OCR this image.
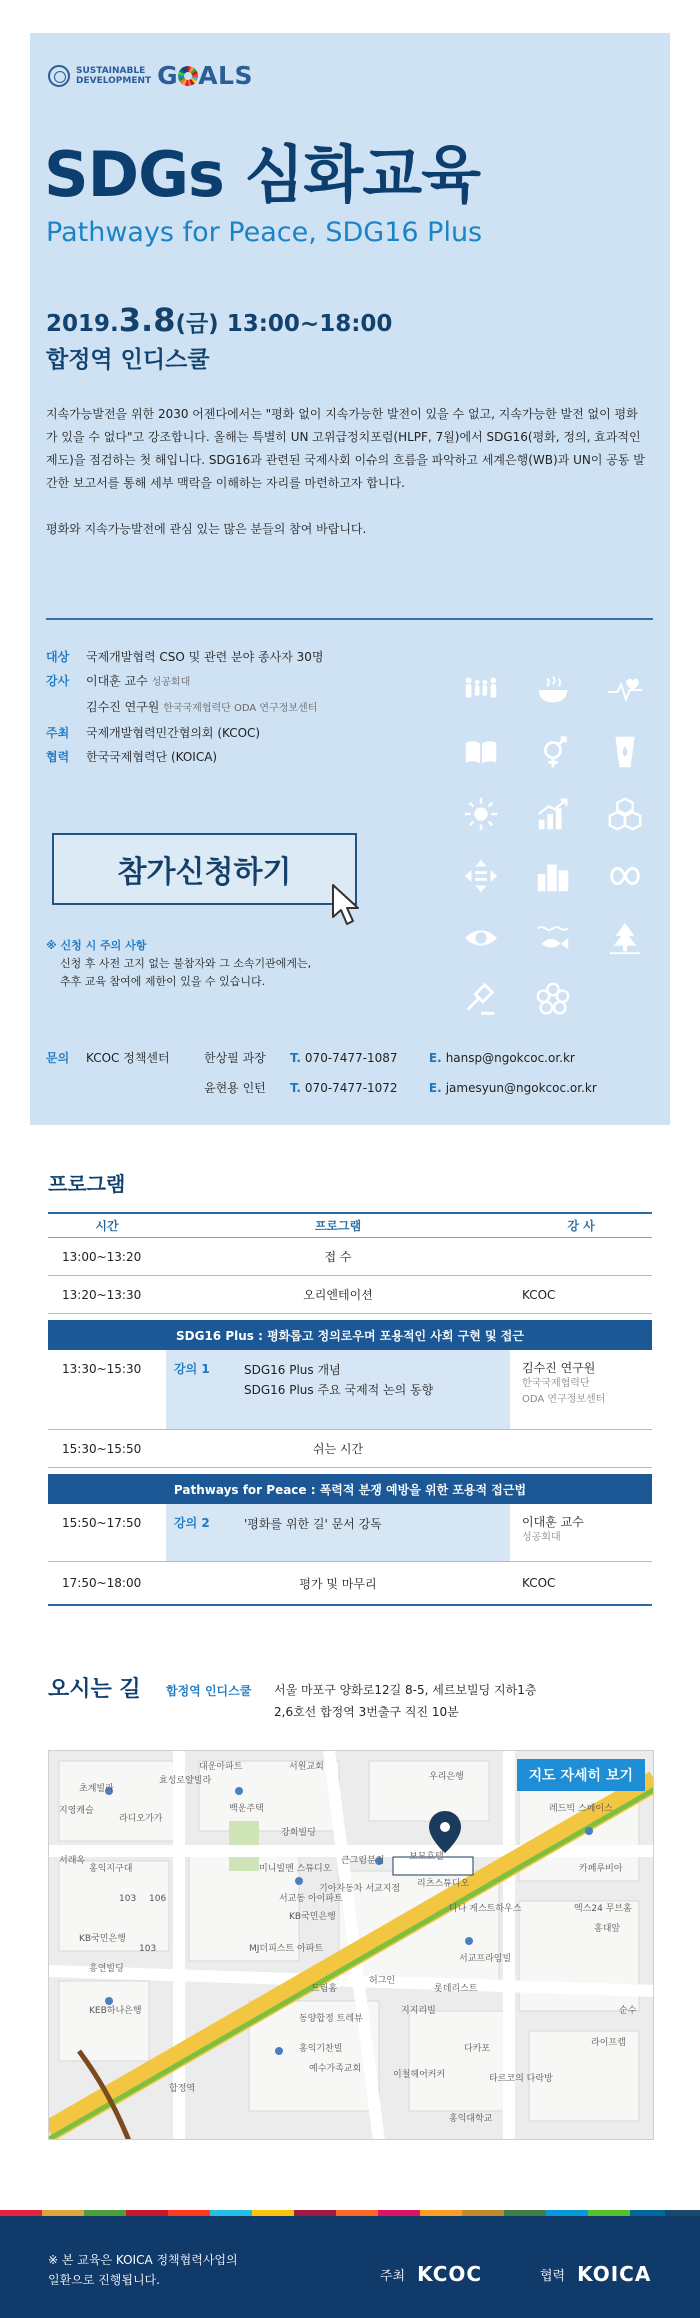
SUSTAINABLE
DEVELOPMENT G ALS
SDGs 심화교육
Pathways for Peace, SDG16 Plus
2019.3.8(금) 13:00~18:00
합정역 인디스쿨

지속가능발전을 위한 2030 어젠다에서는 "평화 없이 지속가능한 발전이 있을 수 없고, 지속가능한 발전 없이 평화가 있을 수 없다"고 강조합니다. 올해는 특별히 UN 고위급정치포럼(HLPF, 7월)에서 SDG16(평화, 정의, 효과적인 제도)을 점검하는 첫 해입니다. SDG16과 관련된 국제사회 이슈의 흐름을 파악하고 세계은행(WB)과 UN이 공동 발간한 보고서를 통해 세부 맥락을 이해하는 자리를 마련하고자 합니다.

평화와 지속가능발전에 관심 있는 많은 분들의 참여 바랍니다.

대상	국제개발협력 CSO 및 관련 분야 종사자 30명
강사	이대훈 교수 성공회대
김수진 연구원 한국국제협력단 ODA 연구정보센터
주최	국제개발협력민간협의회 (KCOC)
협력	한국국제협력단 (KOICA)
참가신청하기
※ 신청 시 주의 사항
신청 후 사전 고지 없는 불참자와 그 소속기관에게는,
추후 교육 참여에 제한이 있을 수 있습니다.
문의	KCOC 정책센터	한상필 과장	T. 070-7477-1087	E. hansp@ngokcoc.or.kr
윤현용 인턴	T. 070-7477-1072	E. jamesyun@ngokcoc.or.kr
프로그램
시간	프로그램	강 사
13:00~13:20	접 수
13:20~13:30	오리엔테이션	KCOC
SDG16 Plus : 평화롭고 정의로우며 포용적인 사회 구현 및 접근
13:30~15:30	강의 1	SDG16 Plus 개념
SDG16 Plus 주요 국제적 논의 동향
김수진 연구원
한국국제협력단
ODA 연구정보센터
15:30~15:50	쉬는 시간
Pathways for Peace : 폭력적 분쟁 예방을 위한 포용적 접근법
15:50~17:50	강의 2	'평화를 위한 길' 문서 강독	이대훈 교수
성공회대
17:50~18:00	평가 및 마무리	KCOC
오시는 길 합정역 인디스쿨 서울 마포구 양화로12길 8-5, 세르보빌딩 지하1층
2,6호선 합정역 3번출구 직진 10분
대운아파트	서원교회
효성로얄빌라
초계빌라
지영캐슬
라디오가가
백운주택
우리은행
강희빌딩
큰그림분점
서래옥	보모호텔
레드빅 스페이스
홍익지구대	카페루비아
미니빌멘 스튜디오
기아자동차 서교지점 리츠스튜디오
엑스24 무브홈
서교동 아이파트
KB국민은행
홍대앞
다나 게스트하우스
KB국민은행
MJ더피스트 아파트
흥연빌딩
서교프라임빌
허그인
드림홈	롯데리스트
지지리빌	순수
KEB하나은행
동양합정 트레뷰
홍익기찬빌
예수가족교회
라이프캡
이철헤어커커	타르코의 다락방
다카포
103
103
106
합정역
홍익대학교
지도 자세히 보기
※ 본 교육은 KOICA 정책협력사업의
일환으로 진행됩니다.	주최 KCOC	협력 KOICA
